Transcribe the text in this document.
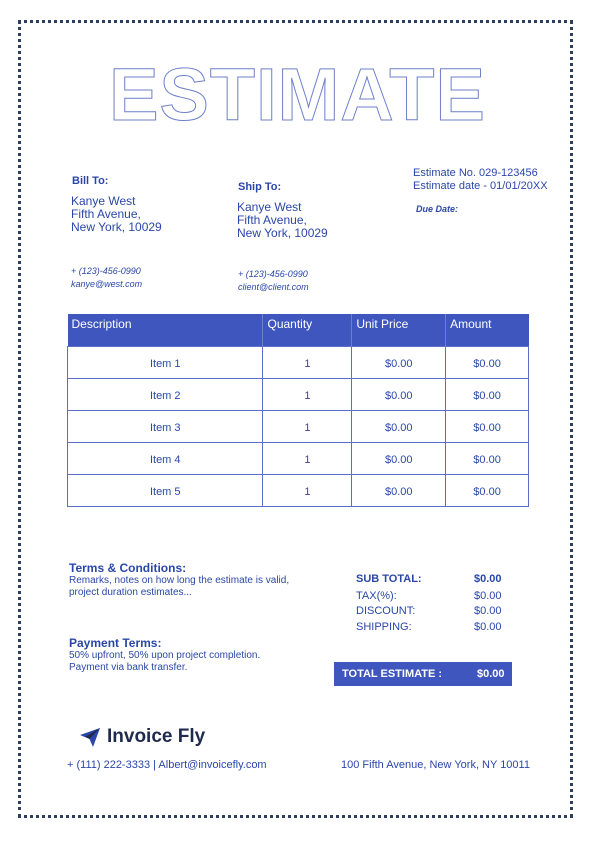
ESTIMATE
Bill To:
Kanye West
Fifth Avenue,
New York, 10029
+ (123)-456-0990
kanye@west.com
Ship To:
Kanye West
Fifth Avenue,
New York, 10029
+ (123)-456-0990
client@client.com
Estimate No. 029-123456
Estimate date - 01/01/20XX
Due Date:
Description	Quantity	Unit Price	Amount
Item 1	1	$0.00	$0.00
Item 2	1	$0.00	$0.00
Item 3	1	$0.00	$0.00
Item 4	1	$0.00	$0.00
Item 5	1	$0.00	$0.00
Terms & Conditions:
Remarks, notes on how long the estimate is valid,
project duration estimates...
Payment Terms:
50% upfront, 50% upon project completion.
Payment via bank transfer.
SUB TOTAL:	$0.00
TAX(%):	$0.00
DISCOUNT:	$0.00
SHIPPING:	$0.00
TOTAL ESTIMATE :	$0.00
Invoice Fly
+ (111) 222-3333 | Albert@invoicefly.com	100 Fifth Avenue, New York, NY 10011
